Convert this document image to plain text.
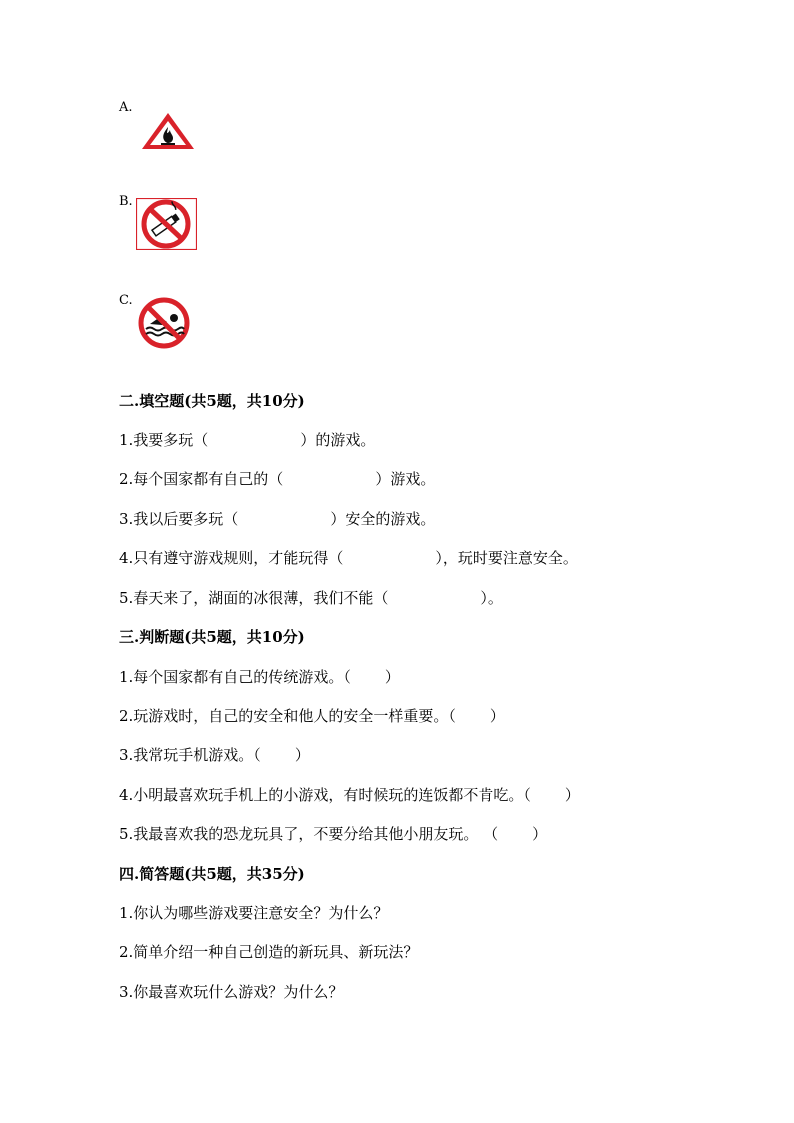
A.
B.
C.
二.填空题(共5题，共10分)
1.我要多玩（	）的游戏。
2.每个国家都有自己的（	）游戏。
3.我以后要多玩（	）安全的游戏。
4.只有遵守游戏规则，才能玩得（	），玩时要注意安全。
5.春天来了，湖面的冰很薄，我们不能（	）。
三.判断题(共5题，共10分)
1.每个国家都有自己的传统游戏。（ ）
2.玩游戏时，自己的安全和他人的安全一样重要。（ ）
3.我常玩手机游戏。（ ）
4.小明最喜欢玩手机上的小游戏，有时候玩的连饭都不肯吃。（ ）
5.我最喜欢我的恐龙玩具了，不要分给其他小朋友玩。 （ ）
四.简答题(共5题，共35分)
1.你认为哪些游戏要注意安全？为什么？
2.简单介绍一种自己创造的新玩具、新玩法？
3.你最喜欢玩什么游戏？为什么？
